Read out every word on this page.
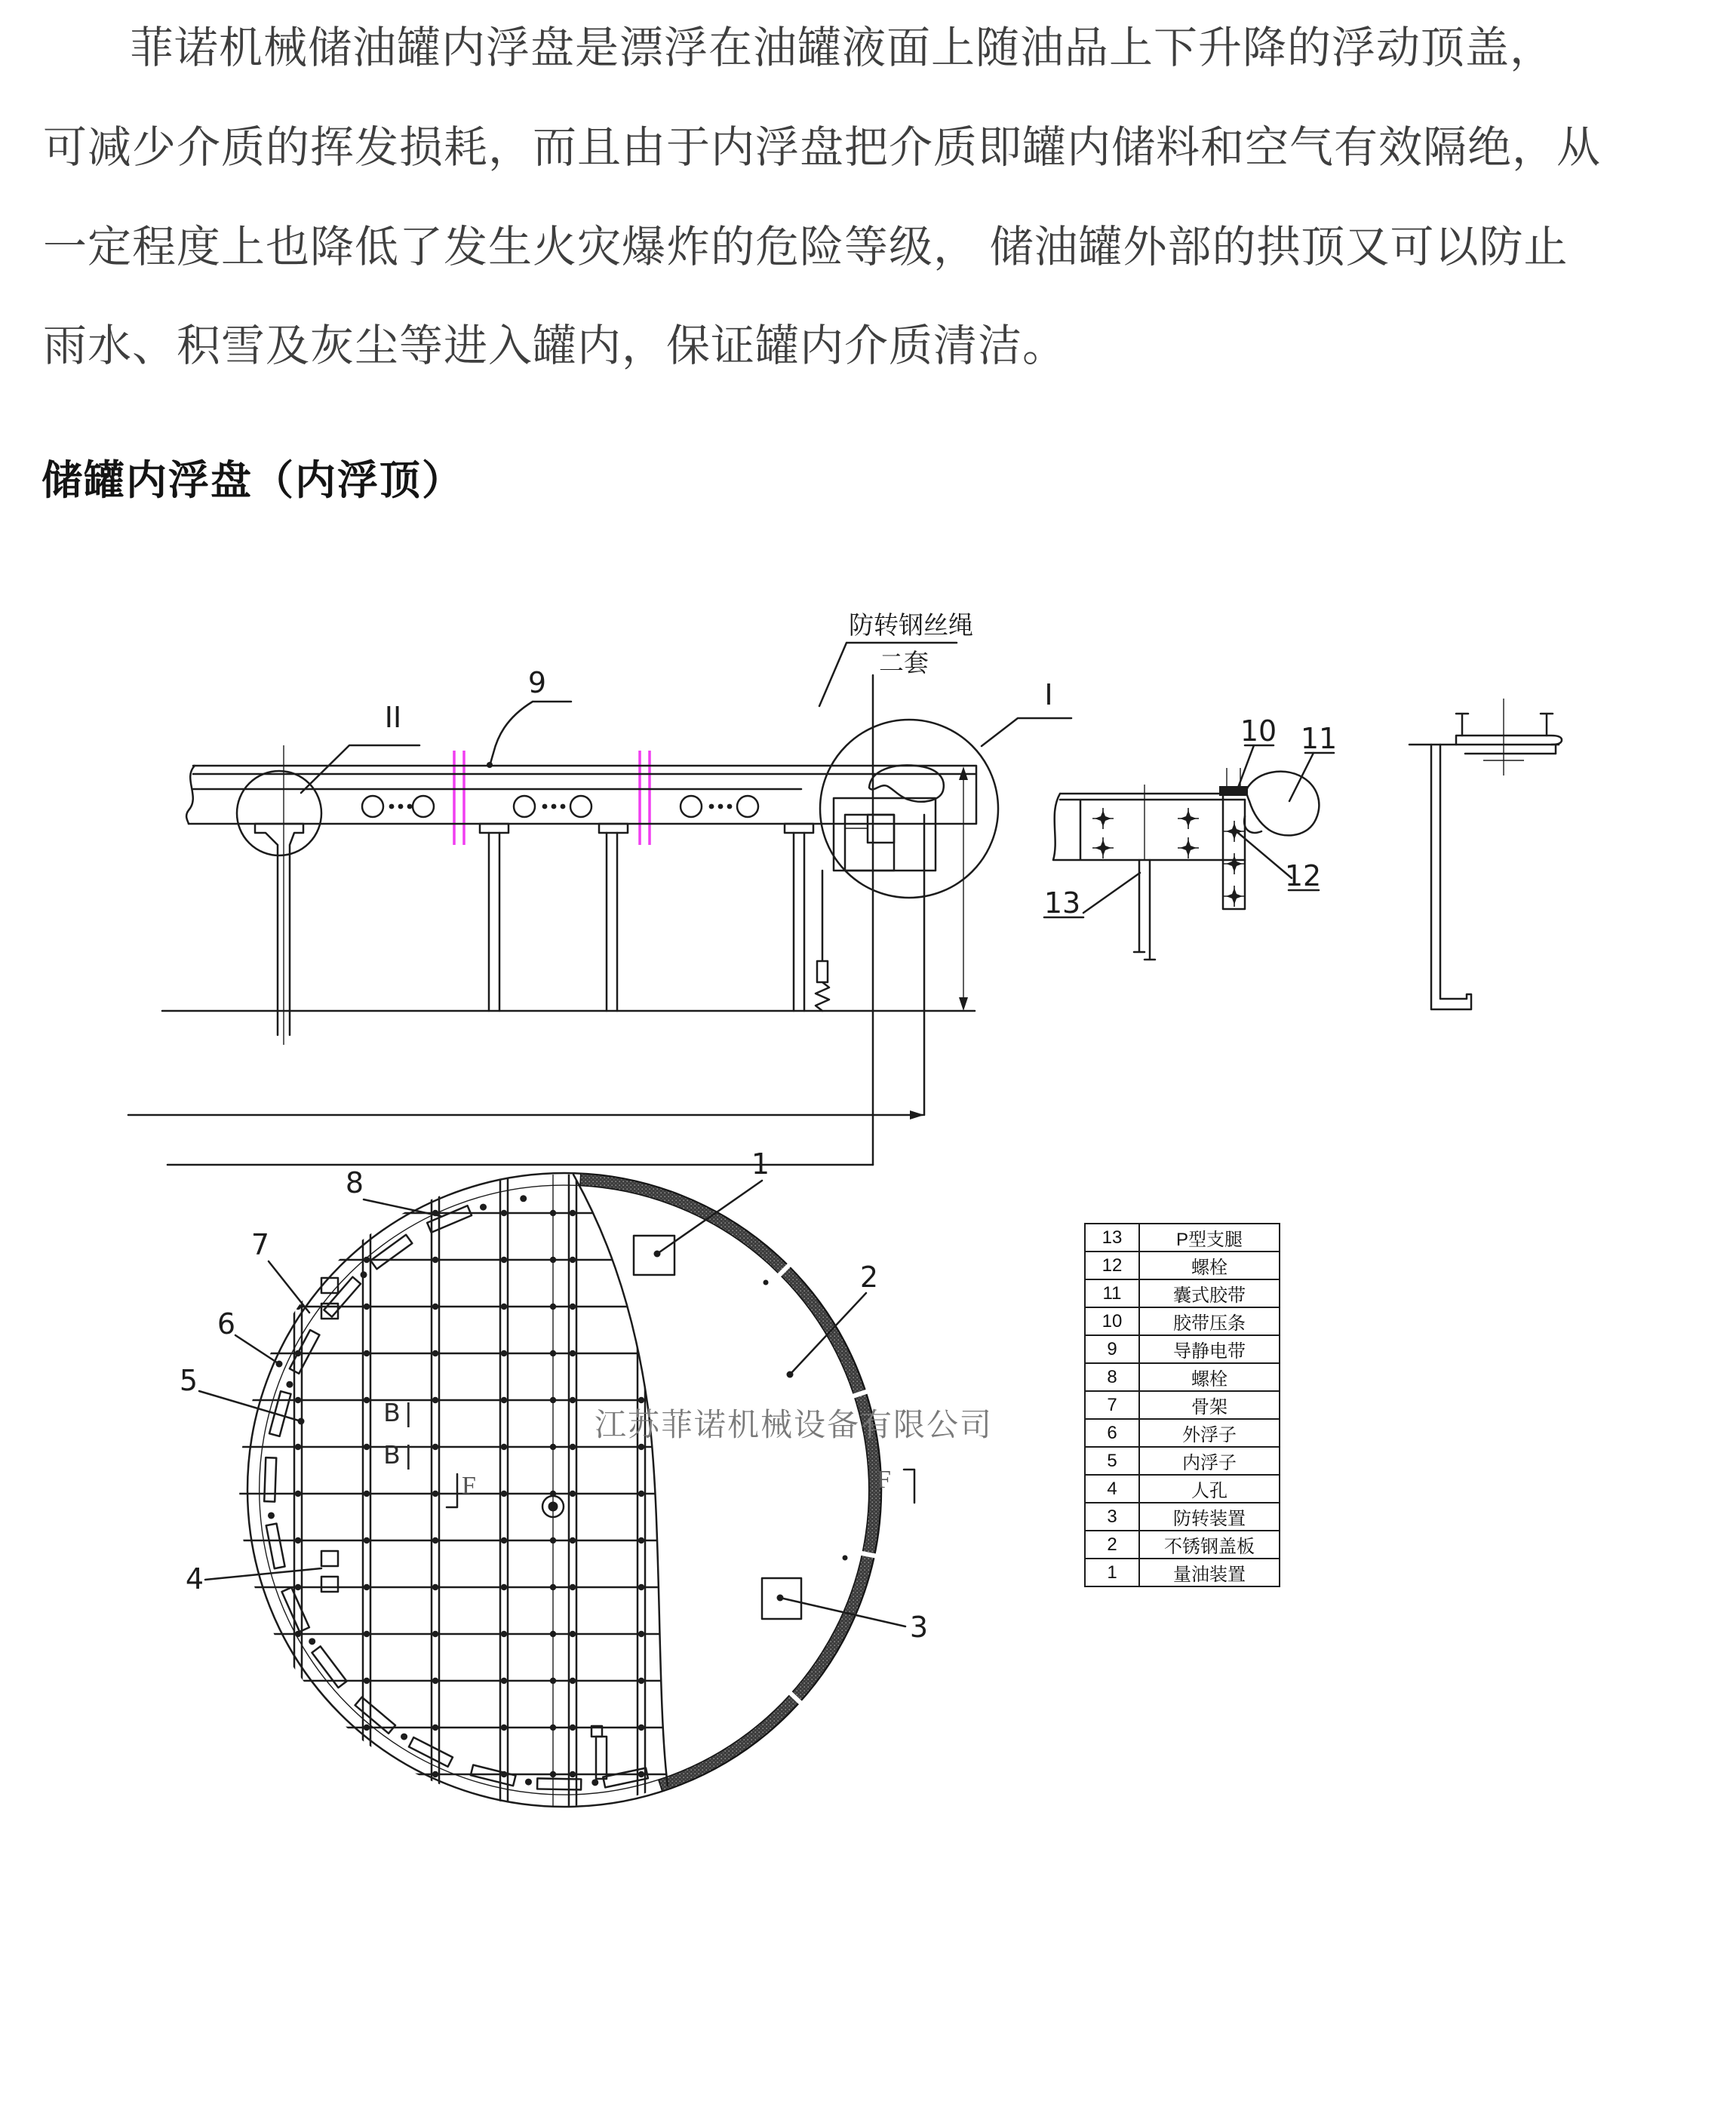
菲诺机械储油罐内浮盘是漂浮在油罐液面上随油品上下升降的浮动顶盖，
可减少介质的挥发损耗，而且由于内浮盘把介质即罐内储料和空气有效隔绝，从
一定程度上也降低了发生火灾爆炸的危险等级， 储油罐外部的拱顶又可以防止
雨水、积雪及灰尘等进入罐内，保证罐内介质清洁。
储罐内浮盘（内浮顶）
防转钢丝绳
二套
9	I
II	10 11
12
13
1
2
3
4
5
6
7
8
B|
B|
F	F
江苏菲诺机械设备有限公司
13	P型支腿
12	螺栓
11	囊式胶带
10	胶带压条
9	导静电带
8	螺栓
7	骨架
6	外浮子
5	内浮子
4	人孔
3	防转装置
2	不锈钢盖板
1	量油装置
